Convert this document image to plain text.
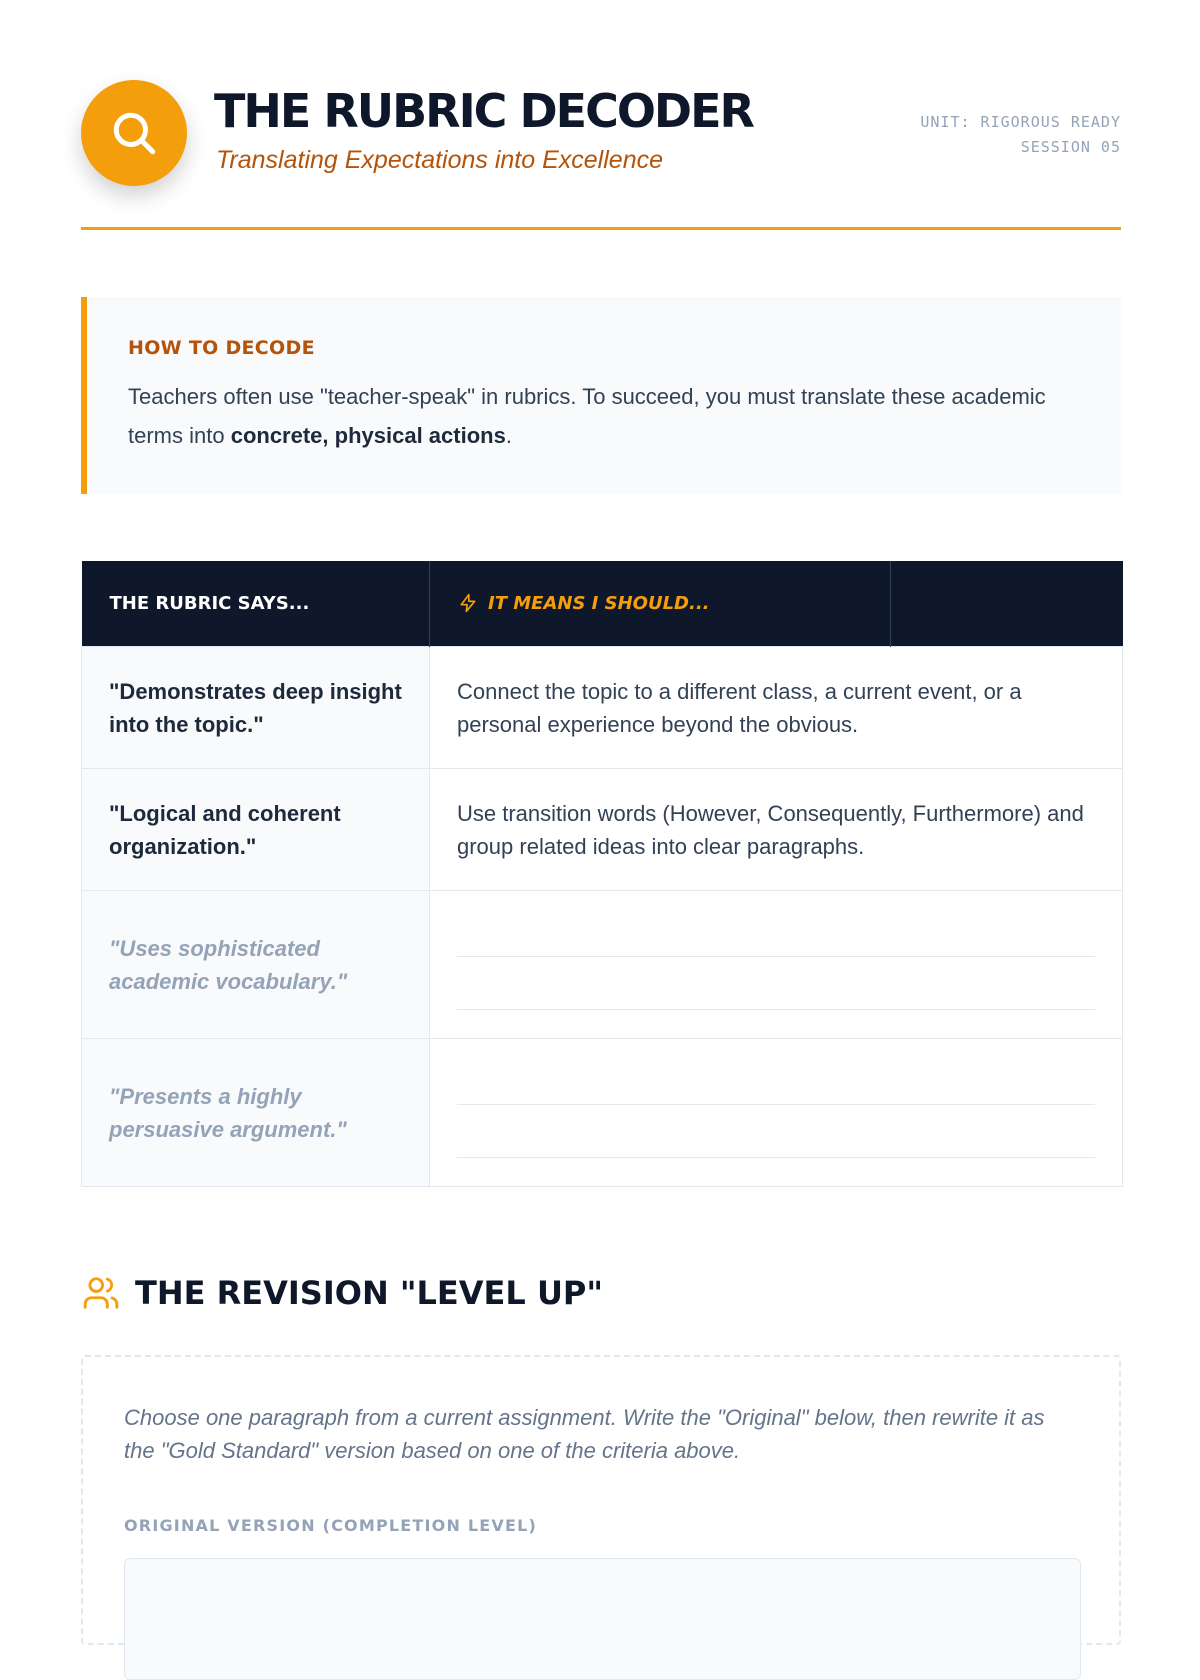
THE RUBRIC DECODER

Translating Expectations into Excellence

UNIT: RIGOROUS READY
SESSION 05
HOW TO DECODE
Teachers often use "teacher-speak" in rubrics. To succeed, you must translate these academic terms into concrete, physical actions.
THE RUBRIC SAYS...	IT MEANS I SHOULD...	

"Demonstrates deep insight into the topic."	Connect the topic to a different class, a current event, or a personal experience beyond the obvious.	

"Logical and coherent organization."	Use transition words (However, Consequently, Furthermore) and group related ideas into clear paragraphs.	

"Uses sophisticated academic vocabulary."		

"Presents a highly persuasive argument."		

THE REVISION "LEVEL UP"
Choose one paragraph from a current assignment. Write the "Original" below, then rewrite it as the "Gold Standard" version based on one of the criteria above.
ORIGINAL VERSION (COMPLETION LEVEL)
